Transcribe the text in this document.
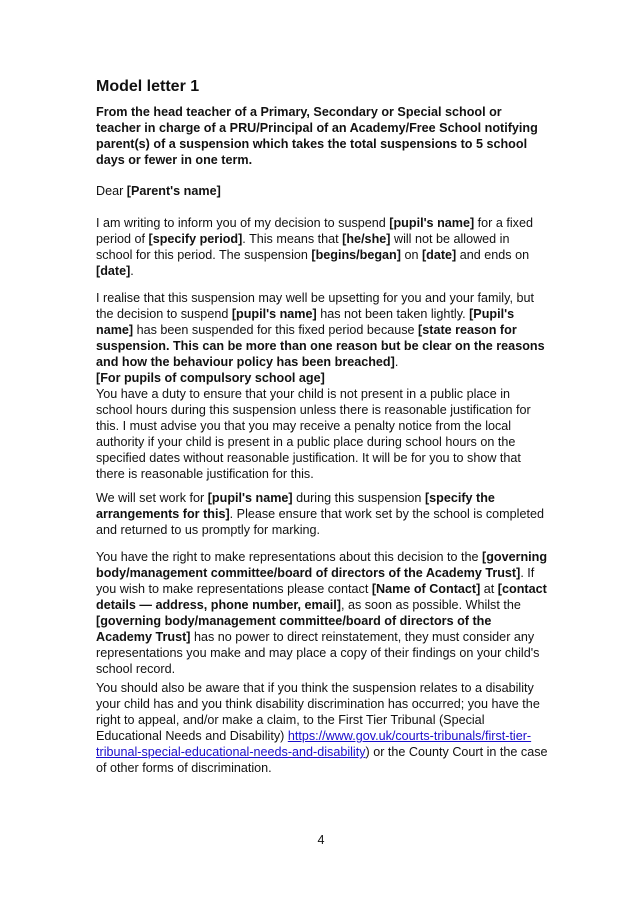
Model letter 1
From the head teacher of a Primary, Secondary or Special school or teacher in charge of a PRU/Principal of an Academy/Free School notifying parent(s) of a suspension which takes the total suspensions to 5 school days or fewer in one term.

Dear [Parent's name]

I am writing to inform you of my decision to suspend [pupil's name] for a fixed period of [specify period]. This means that [he/she] will not be allowed in school for this period. The suspension [begins/began] on [date] and ends on [date].

I realise that this suspension may well be upsetting for you and your family, but the decision to suspend [pupil's name] has not been taken lightly. [Pupil's name] has been suspended for this fixed period because [state reason for suspension. This can be more than one reason but be clear on the reasons and how the behaviour policy has been breached].

[For pupils of compulsory school age]
You have a duty to ensure that your child is not present in a public place in school hours during this suspension unless there is reasonable justification for this. I must advise you that you may receive a penalty notice from the local authority if your child is present in a public place during school hours on the specified dates without reasonable justification. It will be for you to show that there is reasonable justification for this.

We will set work for [pupil's name] during this suspension [specify the arrangements for this]. Please ensure that work set by the school is completed and returned to us promptly for marking.

You have the right to make representations about this decision to the [governing body/management committee/board of directors of the Academy Trust]. If you wish to make representations please contact [Name of Contact] at [contact details — address, phone number, email], as soon as possible. Whilst the [governing body/management committee/board of directors of the Academy Trust] has no power to direct reinstatement, they must consider any representations you make and may place a copy of their findings on your child's school record.

You should also be aware that if you think the suspension relates to a disability your child has and you think disability discrimination has occurred; you have the right to appeal, and/or make a claim, to the First Tier Tribunal (Special Educational Needs and Disability) https://www.gov.uk/courts-tribunals/first-tier-tribunal-special-educational-needs-and-disability) or the County Court in the case of other forms of discrimination.

4
